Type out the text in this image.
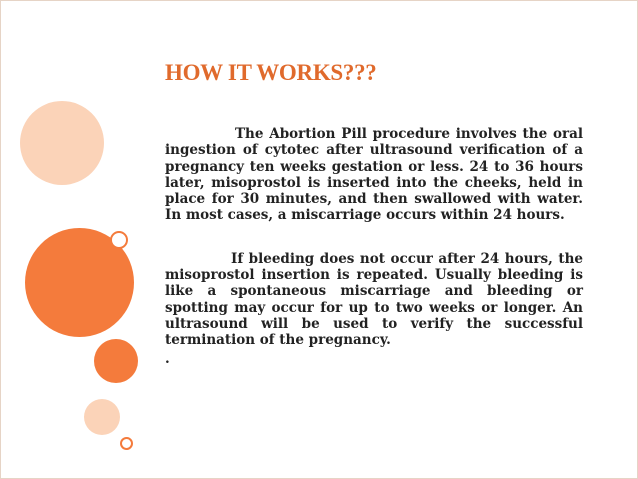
HOW IT WORKS???

The Abortion Pill procedure involves the oral ingestion of cytotec after ultrasound verification of a pregnancy ten weeks gestation or less. 24 to 36 hours later, misoprostol is inserted into the cheeks, held in place for 30 minutes, and then swallowed with water. In most cases, a miscarriage occurs within 24 hours.

If bleeding does not occur after 24 hours, the misoprostol insertion is repeated. Usually bleeding is like a spontaneous miscarriage and bleeding or spotting may occur for up to two weeks or longer. An ultrasound will be used to verify the successful termination of the pregnancy.

.
